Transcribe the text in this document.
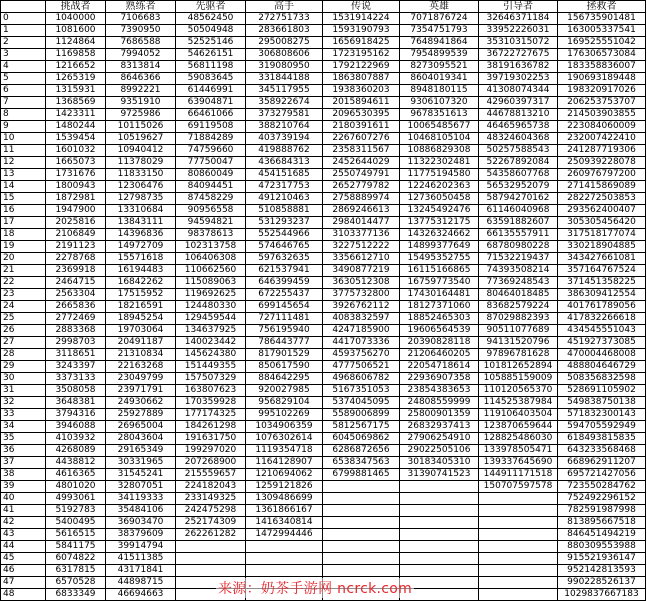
	挑战者	熟练者	先驱者	高手	传说	英雄	引导者	拯救者
0	1040000	7106683	48562450	272751733	1531914224	7071876724	32646371184	156735901481
1	1081600	7390950	50504948	283661803	1593190793	7354751793	33952226031	163005337541
2	1124864	7686588	52525146	295008275	1656918425	7648941864	35310315072	169525551042
3	1169858	7994052	54626151	306808606	1723195162	7954899539	36722727675	176306573084
4	1216652	8313814	56811198	319080950	1792122969	8273095521	38191636782	183358836007
5	1265319	8646366	59083645	331844188	1863807887	8604019341	39719302253	190693189448
6	1315931	8992221	61446991	345117955	1938360203	8948180115	41308074344	198320917026
7	1368569	9351910	63904871	358922674	2015894611	9306107320	42960397317	206253753707
8	1423311	9725986	66461066	373279581	2096530395	9678351613	44678813210	214503903855
9	1480244	10115026	69119508	388210764	2180391611	10065485677	46465965738	223084060009
10	1539454	10519627	71884289	403739194	2267607276	10468105104	48324604368	232007422410
11	1601032	10940412	74759660	419888762	2358311567	10886829308	50257588543	241287719306
12	1665073	11378029	77750047	436684313	2452644029	11322302481	52267892084	250939228078
13	1731676	11833150	80860049	454151685	2550749791	11775194580	54358607768	260976797200
14	1800943	12306476	84094451	472317753	2652779782	12246202363	56532952079	271415869089
15	1872981	12798735	87458229	491210463	2758889974	12736050458	58794270162	282272503853
16	1947900	13310684	90956558	510858881	2869246613	13245492476	61146040968	293562400407
17	2025816	13843111	94594821	531293237	2984014477	13775312175	63591882607	305305456420
18	2106849	14396836	98378613	552544966	3103377136	14326324662	66135557911	317518177074
19	2191123	14972709	102313758	574646765	3227512222	14899377649	68780980228	330218904885
20	2278768	15571618	106406308	597632635	3356612710	15495352755	71532219437	343427661081
21	2369918	16194483	110662560	621537941	3490877219	16115166865	74393508214	357164767524
22	2464715	16842262	115089063	646399459	3630512308	16759773540	77369248543	371451358225
23	2563304	17515952	119692625	672255437	3775732800	17430164481	80464018485	386309412554
24	2665836	18216591	124480330	699145654	3926762112	18127371060	83682579224	401761789056
25	2772469	18945254	129459544	727111481	4083832597	18852465303	87029882393	417832266618
26	2883368	19703064	134637925	756195940	4247185900	19606564539	90511077689	434545551043
27	2998703	20491187	140023442	786443777	4417073336	20390828118	94131520796	451927373085
28	3118651	21310834	145624380	817901529	4593756270	21206460205	97896781628	470004468008
29	3243397	22163268	151449355	850617590	4777506521	22054718614	101812652894	488804646729
30	3373133	23049799	157507329	884642295	4968606782	22936907358	105885159009	508356832598
31	3508058	23971791	163807623	920027985	5167351053	23854383653	110120565370	528691105902
32	3648381	24930662	170359928	956829104	5374045095	24808559999	114525387984	549838750138
33	3794316	25927889	177174325	995102269	5589006899	25800901359	119106403504	571832300143
34	3946088	26965004	184261298	1034906359	5812567175	26832937413	123870659644	594705592949
35	4103932	28043604	191631750	1076302614	6045069862	27906254910	128825486030	618493815835
36	4268089	29165349	199297020	1119354718	6286872656	29022505106	133978505471	643233568468
37	4438812	30331965	207268900	1164128907	6538347563	30183405310	139337645690	668962911207
38	4616365	31545241	215559657	1210694062	6799881465	31390741523	144911171518	695721427056
39	4801020	32807051	224182043	1259121826			150707597578	723550284762
40	4993061	34119333	233149325	1309486699				752492296152
41	5192783	35484106	242475298	1361866167				782591987998
42	5400495	36903470	252174309	1416340814				813895667518
43	5616515	38379609	262261282	1472994446				846451494219
44	5841175	39914794						880309553988
45	6074822	41511385						915521936147
46	6317815	43171841						952142813593
47	6570528	44898715						990228526137
48	6833349	46694663						1029837667183
来源：奶茶手游网 ncrck.com
